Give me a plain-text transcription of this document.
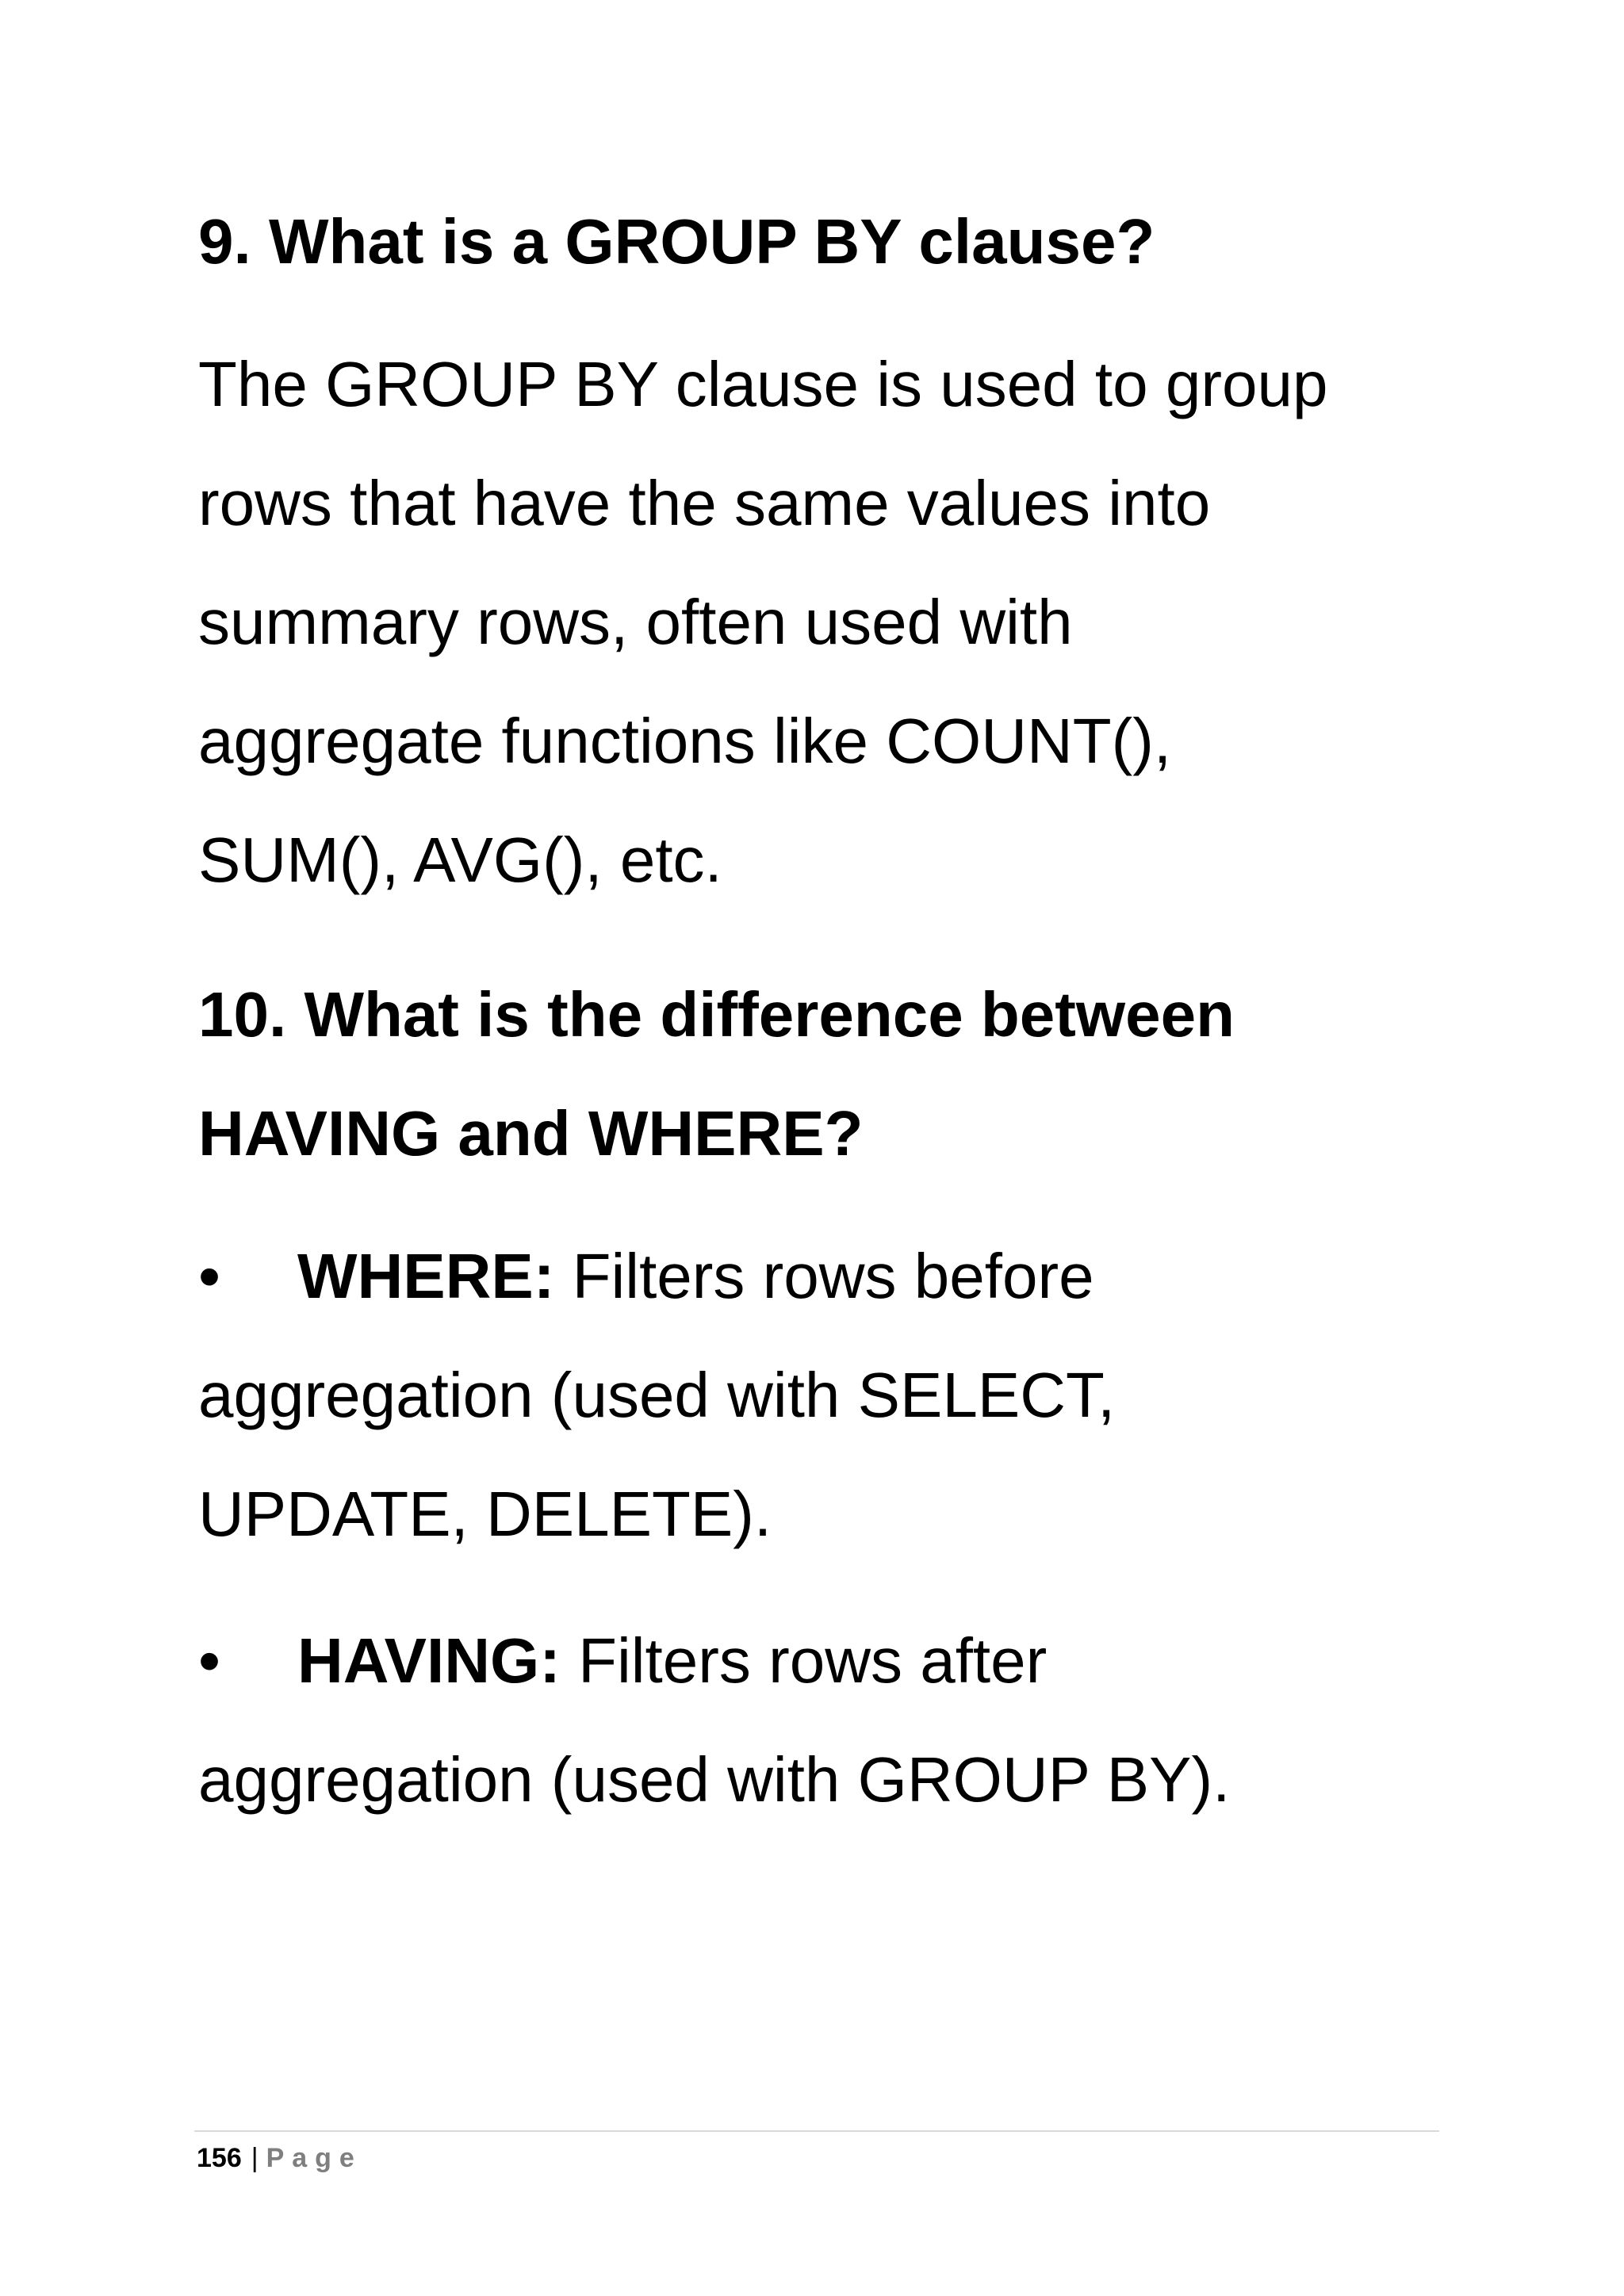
9. What is a GROUP BY clause?

The GROUP BY clause is used to group

rows that have the same values into

summary rows, often used with

aggregate functions like COUNT(),

SUM(), AVG(), etc.

10. What is the difference between
HAVING and WHERE?

• WHERE: Filters rows before

aggregation (used with SELECT,

UPDATE, DELETE).

• HAVING: Filters rows after

aggregation (used with GROUP BY).

156 | Page
